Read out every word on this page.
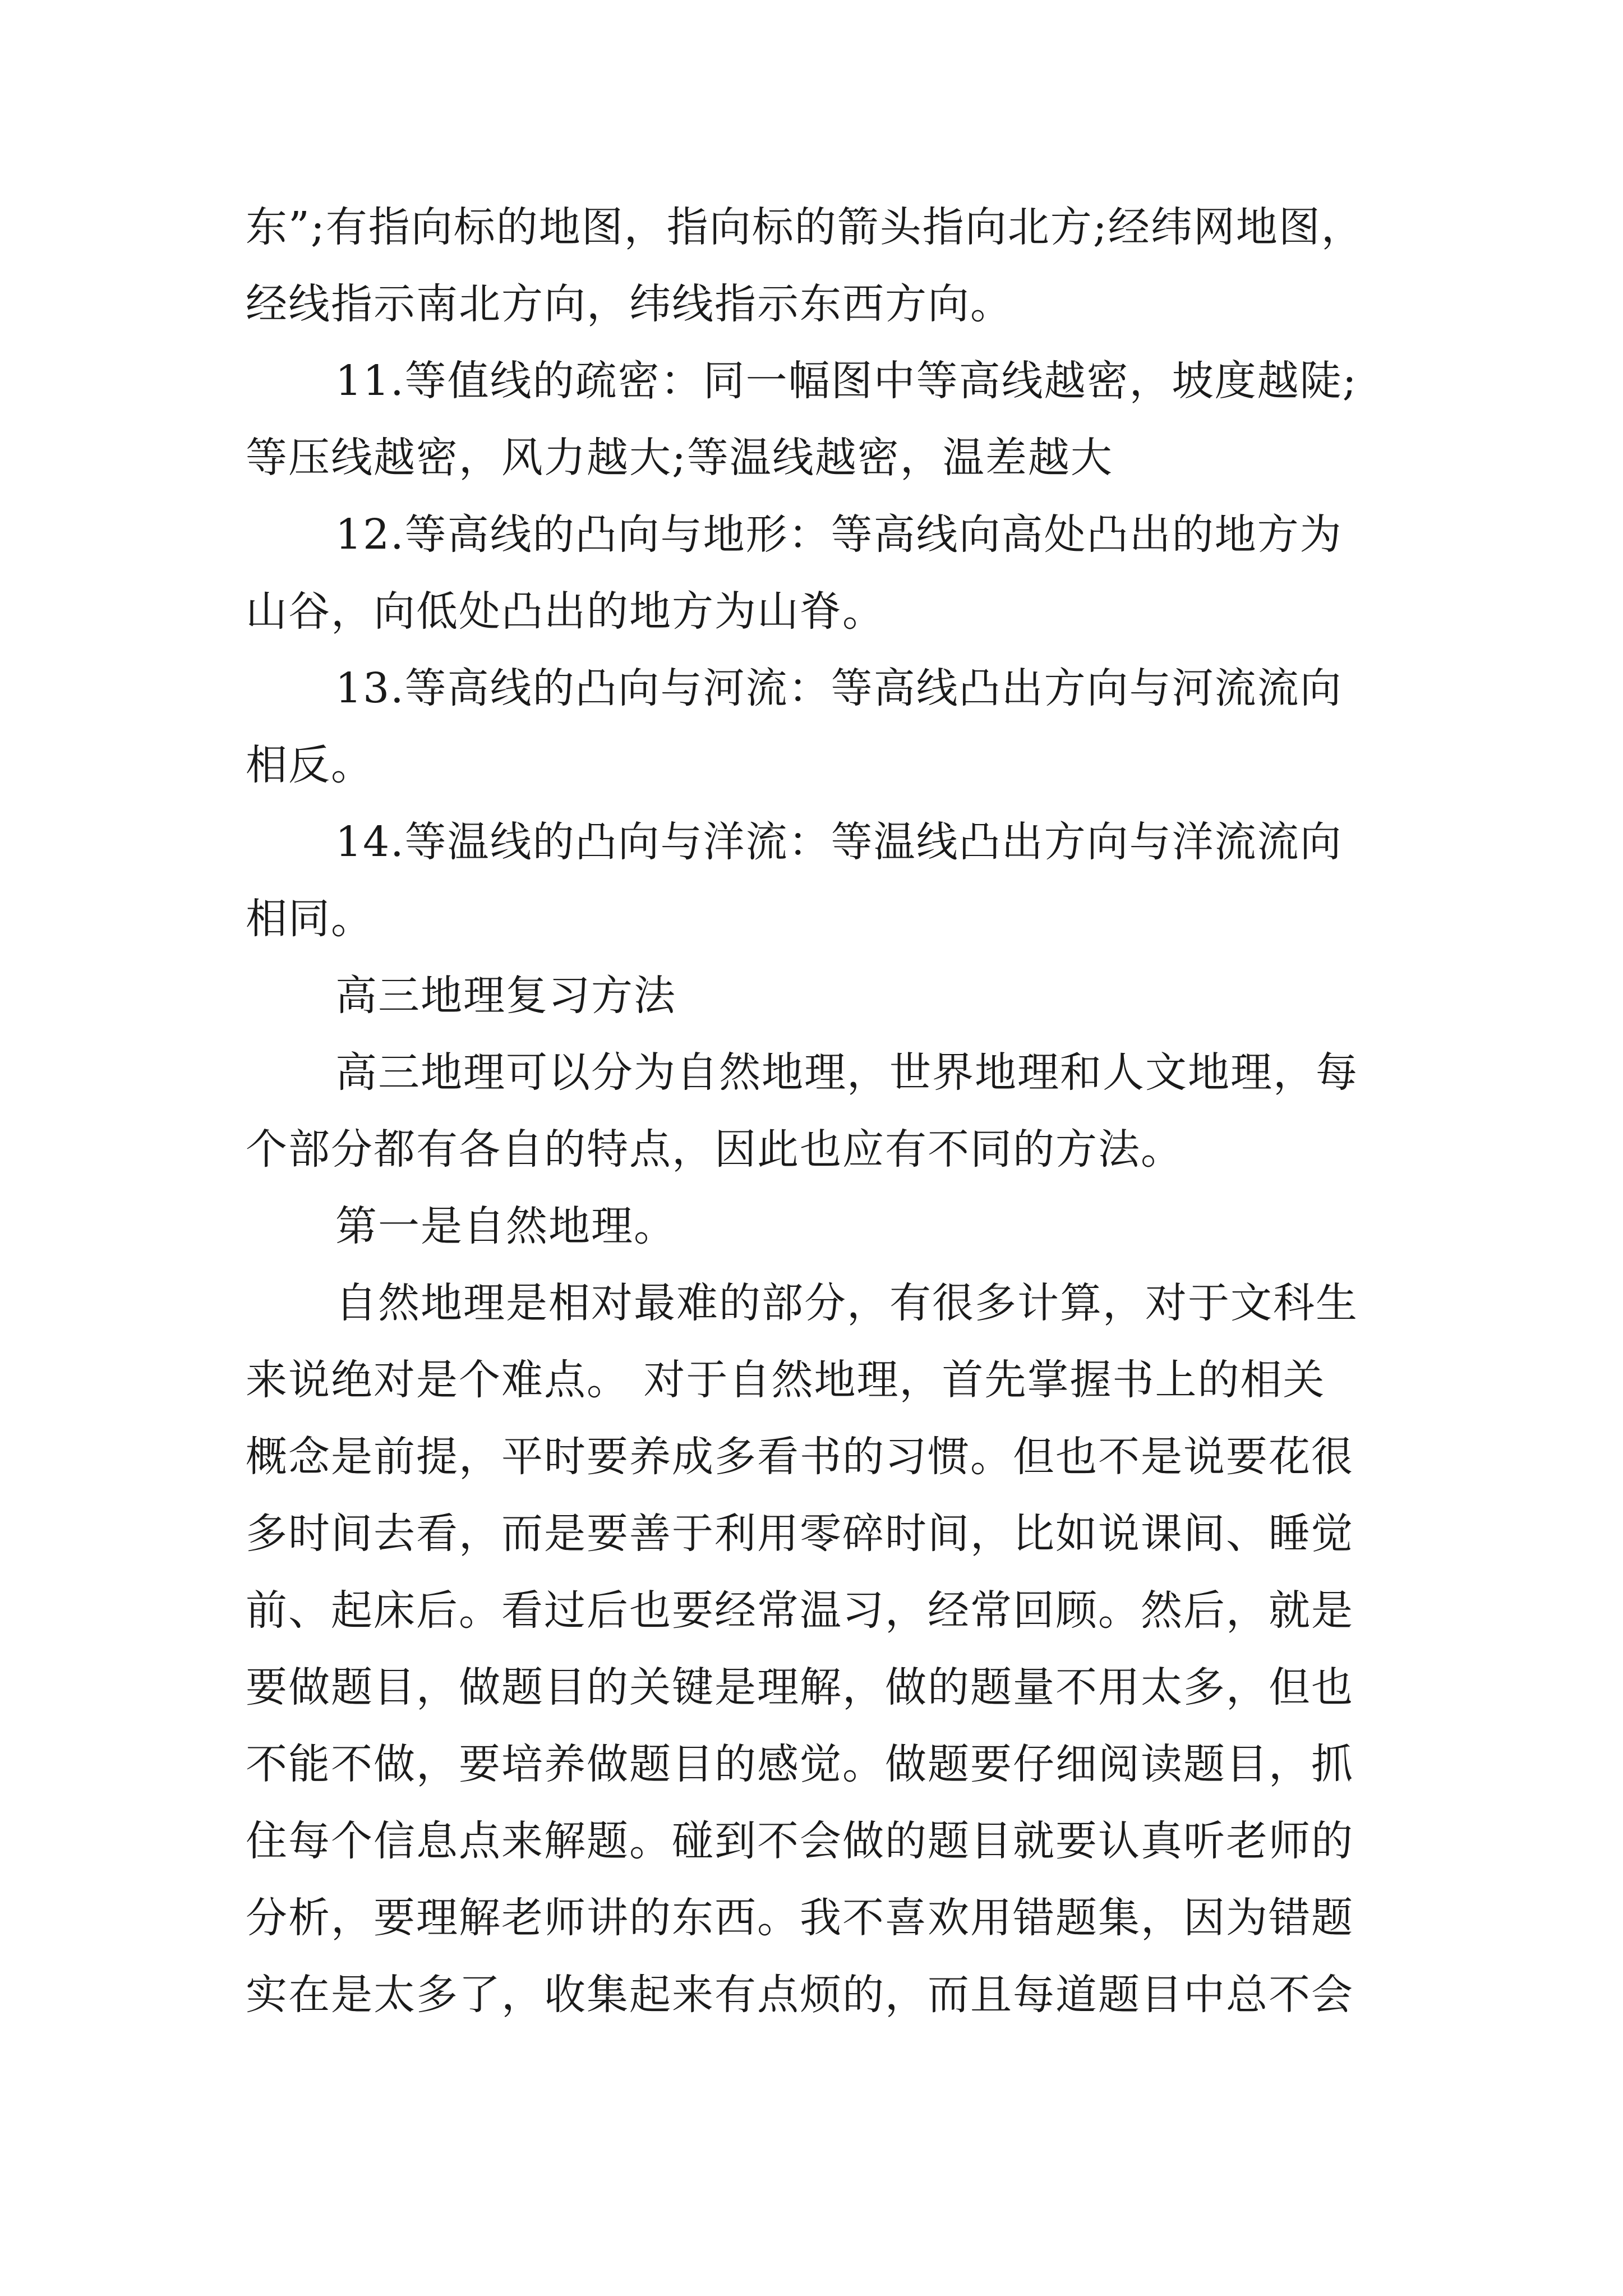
东”;有指向标的地图，指向标的箭头指向北方;经纬网地图，
经线指示南北方向，纬线指示东西方向。
11.等值线的疏密：同一幅图中等高线越密，坡度越陡;
等压线越密，风力越大;等温线越密，温差越大
12.等高线的凸向与地形：等高线向高处凸出的地方为
山谷，向低处凸出的地方为山脊。
13.等高线的凸向与河流：等高线凸出方向与河流流向
相反。
14.等温线的凸向与洋流：等温线凸出方向与洋流流向
相同。
高三地理复习方法
高三地理可以分为自然地理，世界地理和人文地理，每
个部分都有各自的特点，因此也应有不同的方法。
第一是自然地理。
自然地理是相对最难的部分，有很多计算，对于文科生
来说绝对是个难点。 对于自然地理，首先掌握书上的相关
概念是前提，平时要养成多看书的习惯。但也不是说要花很
多时间去看，而是要善于利用零碎时间，比如说课间、睡觉
前、起床后。看过后也要经常温习，经常回顾。然后，就是
要做题目，做题目的关键是理解，做的题量不用太多，但也
不能不做，要培养做题目的感觉。做题要仔细阅读题目，抓
住每个信息点来解题。碰到不会做的题目就要认真听老师的
分析，要理解老师讲的东西。我不喜欢用错题集，因为错题
实在是太多了，收集起来有点烦的，而且每道题目中总不会
